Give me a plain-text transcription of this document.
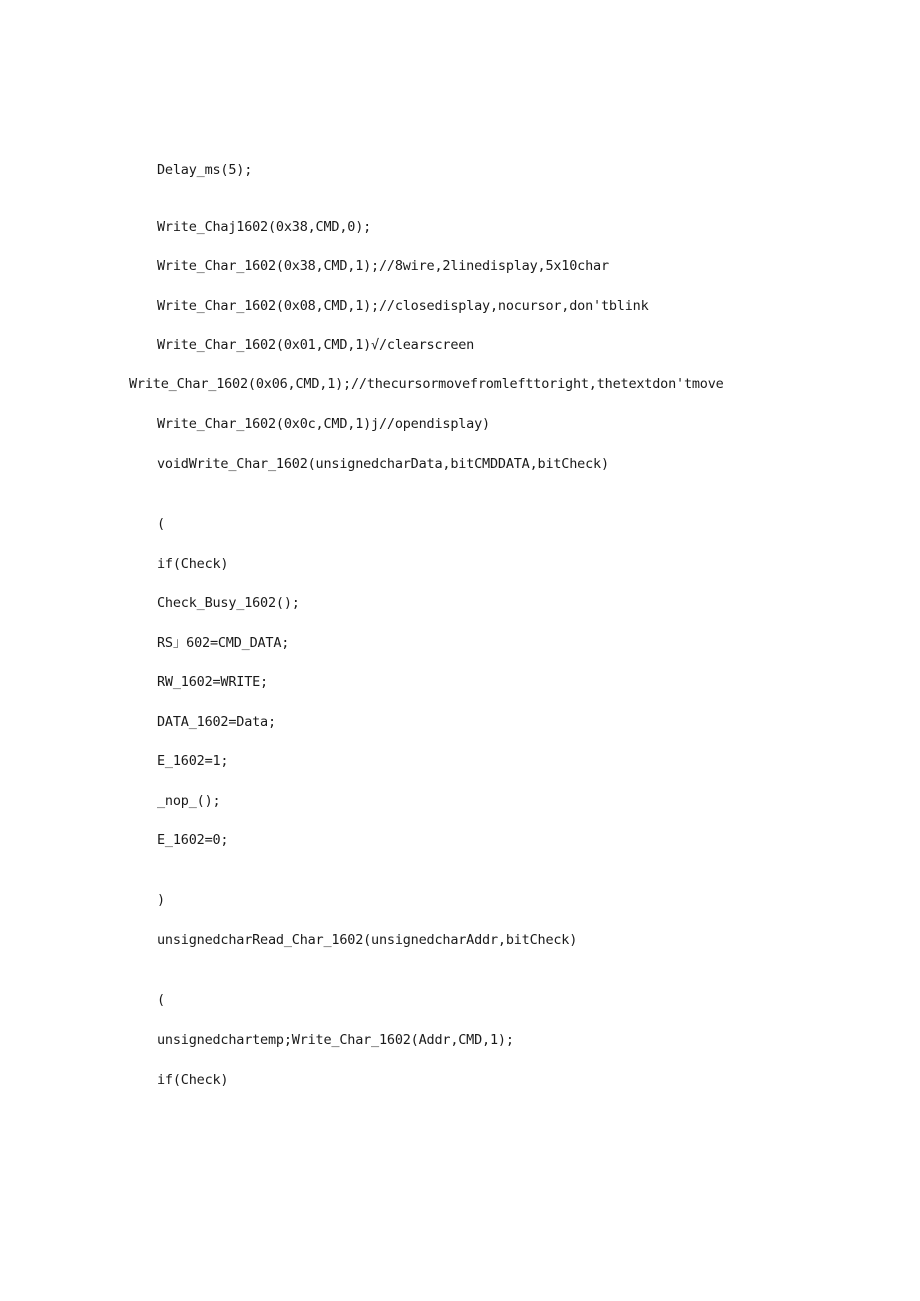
Delay_ms(5);
Write_Chaj1602(0x38,CMD,0);
Write_Char_1602(0x38,CMD,1);//8wire,2linedisplay,5x10char
Write_Char_1602(0x08,CMD,1);//closedisplay,nocursor,don'tblink
Write_Char_1602(0x01,CMD,1)√/clearscreen
Write_Char_1602(0x06,CMD,1);//thecursormovefromlefttoright,thetextdon'tmove
Write_Char_1602(0x0c,CMD,1)j//opendisplay)
voidWrite_Char_1602(unsignedcharData,bitCMDDATA,bitCheck)
(
if(Check)
Check_Busy_1602();
RS」602=CMD_DATA;
RW_1602=WRITE;
DATA_1602=Data;
E_1602=1;
_nop_();
E_1602=0;
)
unsignedcharRead_Char_1602(unsignedcharAddr,bitCheck)
(
unsignedchartemp;Write_Char_1602(Addr,CMD,1);
if(Check)
